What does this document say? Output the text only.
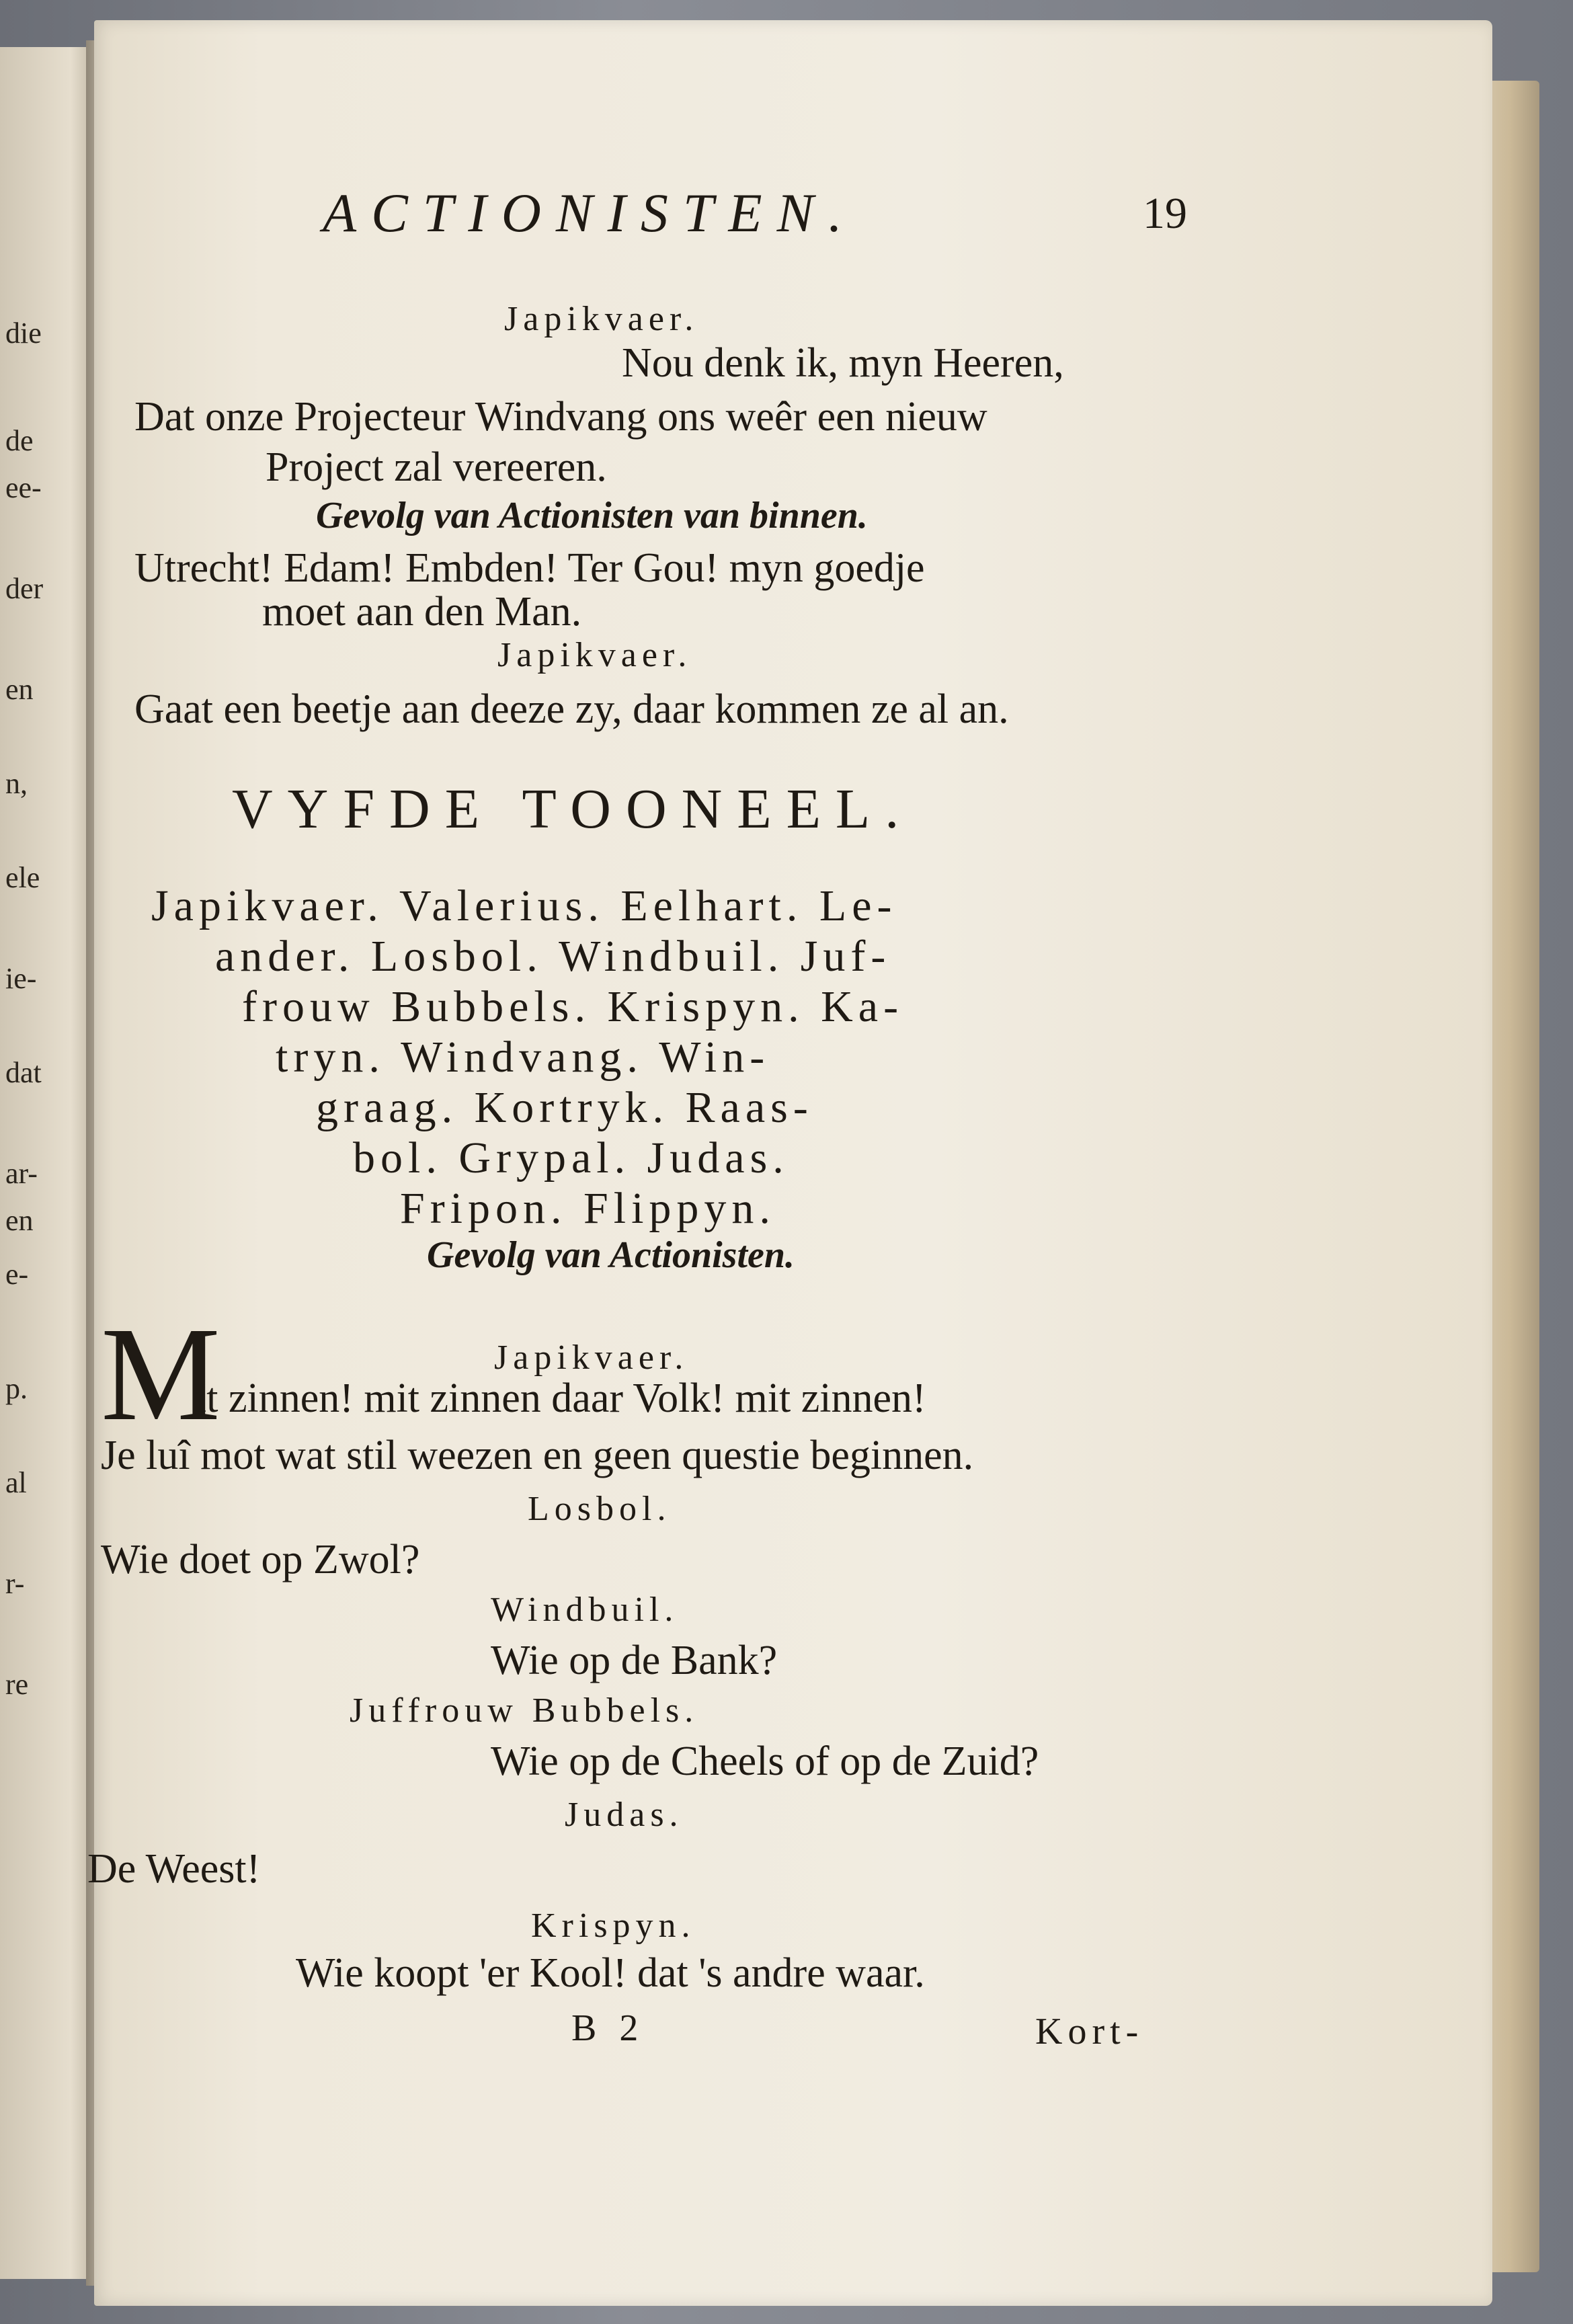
die
de
ee-
der
en
n,
ele
ie-
dat
ar-
en
e-
p.
al
r-
re
ACTIONISTEN.	19
Japikvaer.
Nou denk ik, myn Heeren,
Dat onze Projecteur Windvang ons weêr een nieuw
Project zal vereeren.
Gevolg van Actionisten van binnen.
Utrecht! Edam! Embden! Ter Gou! myn goedje
moet aan den Man.
Japikvaer.
Gaat een beetje aan deeze zy, daar kommen ze al an.
VYFDE TOONEEL.
Japikvaer. Valerius. Eelhart. Le-
ander. Losbol. Windbuil. Juf-
frouw Bubbels. Krispyn. Ka-
tryn. Windvang. Win-
graag. Kortryk. Raas-
bol. Grypal. Judas.
Fripon. Flippyn.
Gevolg van Actionisten.
Japikvaer.
M
it zinnen! mit zinnen daar Volk! mit zinnen!
Je luî mot wat stil weezen en geen questie beginnen.
Losbol.
Wie doet op Zwol?
Windbuil.
Wie op de Bank?
Juffrouw Bubbels.
Wie op de Cheels of op de Zuid?
Judas.
De Weest!
Krispyn.
Wie koopt 'er Kool! dat 's andre waar.
B 2	Kort-
